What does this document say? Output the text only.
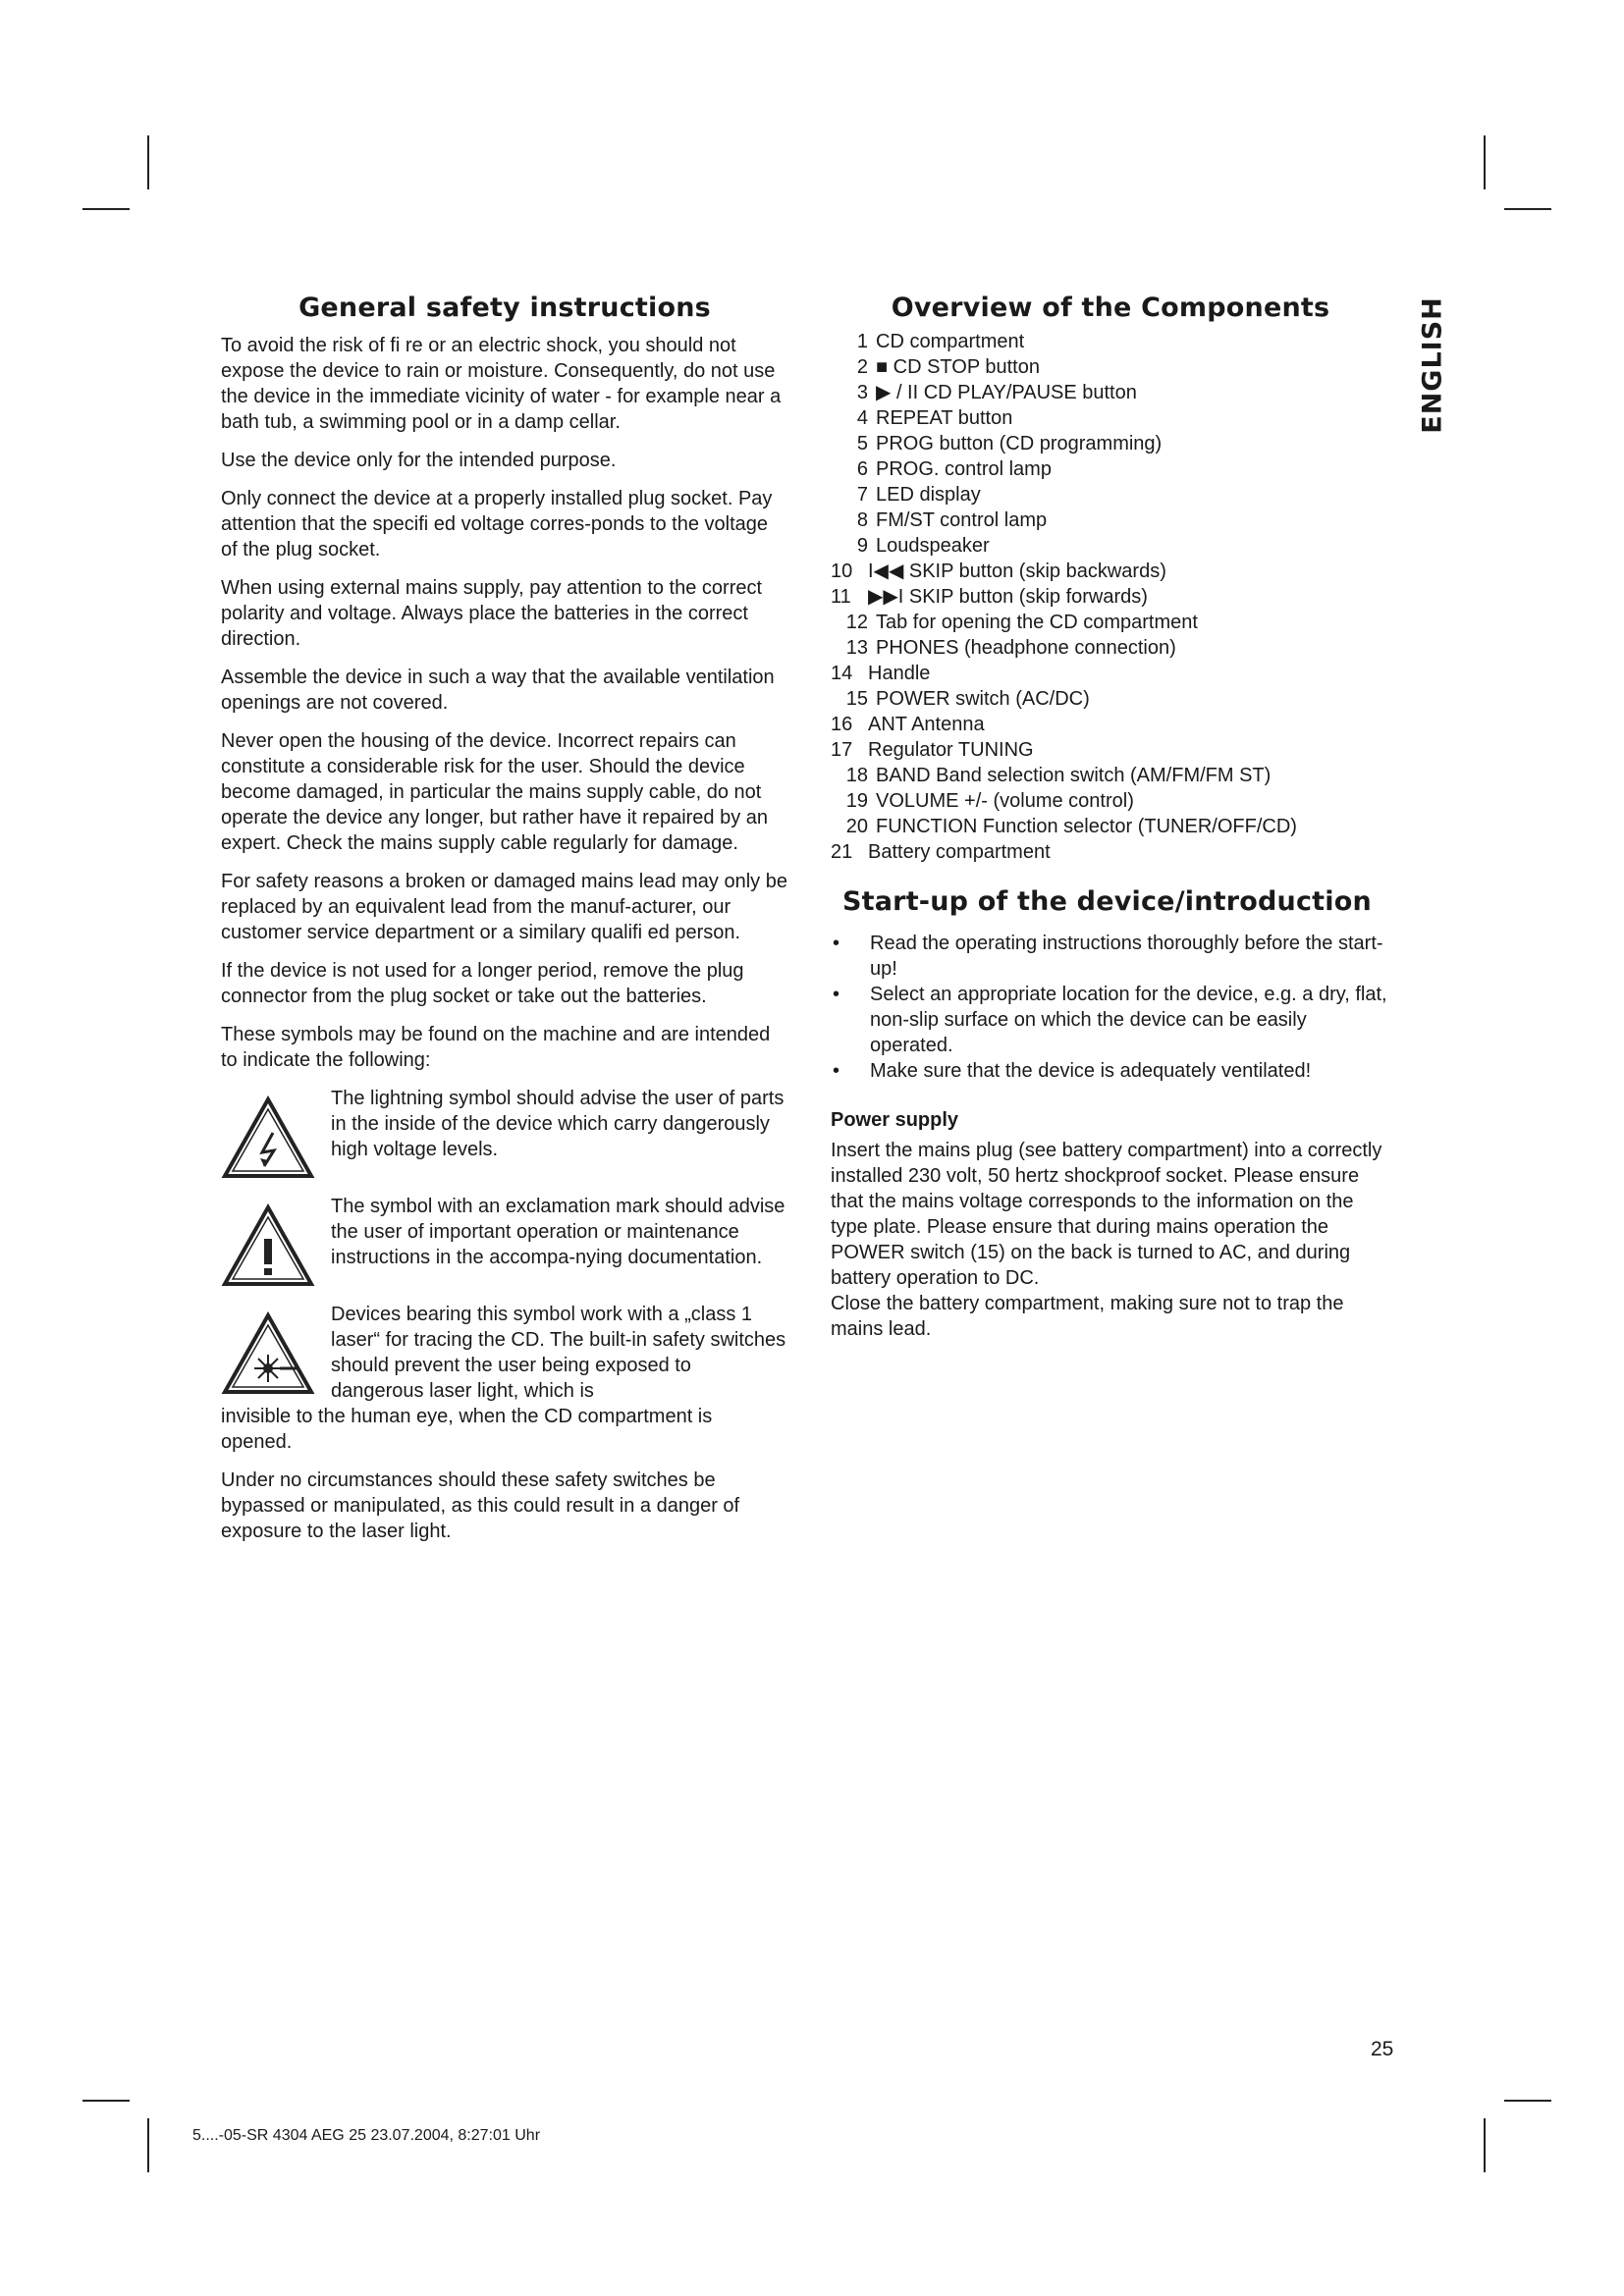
ENGLISH
General safety instructions

To avoid the risk of fi re or an electric shock, you should not expose the device to rain or moisture. Consequently, do not use the device in the immediate vicinity of water - for example near a bath tub, a swimming pool or in a damp cellar.

Use the device only for the intended purpose.

Only connect the device at a properly installed plug socket. Pay attention that the specifi ed voltage corres-ponds to the voltage of the plug socket.

When using external mains supply, pay attention to the correct polarity and voltage. Always place the batteries in the correct direction.

Assemble the device in such a way that the available ventilation openings are not covered.

Never open the housing of the device. Incorrect repairs can constitute a considerable risk for the user. Should the device become damaged, in particular the mains supply cable, do not operate the device any longer, but rather have it repaired by an expert. Check the mains supply cable regularly for damage.

For safety reasons a broken or damaged mains lead may only be replaced by an equivalent lead from the manuf-acturer, our customer service department or a similary qualifi ed person.

If the device is not used for a longer period, remove the plug connector from the plug socket or take out the batteries.

These symbols may be found on the machine and are intended to indicate the following:

The lightning symbol should advise the user of parts in the inside of the device which carry dangerously high voltage levels.

The symbol with an exclamation mark should advise the user of important operation or maintenance instructions in the accompa-nying documentation.

Devices bearing this symbol work with a „class 1 laser“ for tracing the CD. The built-in safety switches should prevent the user being exposed to dangerous laser light, which is

invisible to the human eye, when the CD compartment is opened.

Under no circumstances should these safety switches be bypassed or manipulated, as this could result in a danger of exposure to the laser light.

Overview of the Components
1 CD compartment
2 ■ CD STOP button
3 ▶ / II CD PLAY/PAUSE button
4 REPEAT button
5 PROG button (CD programming)
6 PROG. control lamp
7 LED display
8 FM/ST control lamp
9 Loudspeaker
10 I◀◀ SKIP button (skip backwards)
11 ▶▶I SKIP button (skip forwards)
12 Tab for opening the CD compartment
13 PHONES (headphone connection)
14 Handle
15 POWER switch (AC/DC)
16 ANT Antenna
17 Regulator TUNING
18 BAND Band selection switch (AM/FM/FM ST)
19 VOLUME +/- (volume control)
20 FUNCTION Function selector (TUNER/OFF/CD)
21 Battery compartment
Start-up of the device/introduction
• Read the operating instructions thoroughly before the start-up!
• Select an appropriate location for the device, e.g. a dry, flat, non-slip surface on which the device can be easily operated.
• Make sure that the device is adequately ventilated!
Power supply

Insert the mains plug (see battery compartment) into a correctly installed 230 volt, 50 hertz shockproof socket. Please ensure that the mains voltage corresponds to the information on the type plate. Please ensure that during mains operation the POWER switch (15) on the back is turned to AC, and during battery operation to DC.

Close the battery compartment, making sure not to trap the mains lead.

25
5....-05-SR 4304 AEG 25 23.07.2004, 8:27:01 Uhr
